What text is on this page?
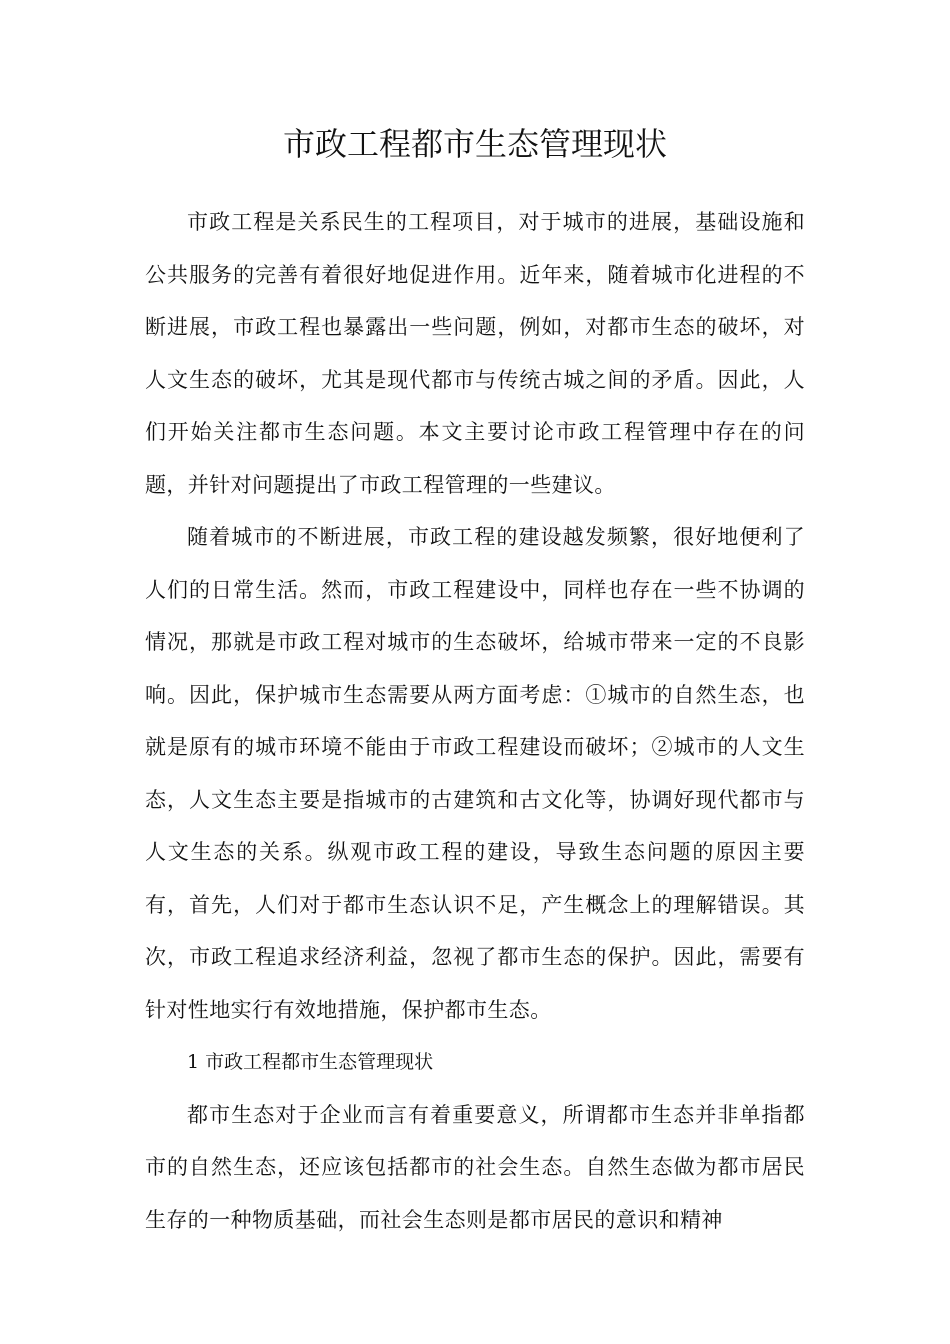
市政工程都市生态管理现状

市政工程是关系民生的工程项目，对于城市的进展，基础设施和公共服务的完善有着很好地促进作用。近年来，随着城市化进程的不断进展，市政工程也暴露出一些问题，例如，对都市生态的破坏，对人文生态的破坏，尤其是现代都市与传统古城之间的矛盾。因此，人们开始关注都市生态问题。本文主要讨论市政工程管理中存在的问题，并针对问题提出了市政工程管理的一些建议。

随着城市的不断进展，市政工程的建设越发频繁，很好地便利了人们的日常生活。然而，市政工程建设中，同样也存在一些不协调的情况，那就是市政工程对城市的生态破坏，给城市带来一定的不良影响。因此，保护城市生态需要从两方面考虑：①城市的自然生态，也就是原有的城市环境不能由于市政工程建设而破坏；②城市的人文生态，人文生态主要是指城市的古建筑和古文化等，协调好现代都市与人文生态的关系。纵观市政工程的建设，导致生态问题的原因主要有，首先，人们对于都市生态认识不足，产生概念上的理解错误。其次，市政工程追求经济利益，忽视了都市生态的保护。因此，需要有针对性地实行有效地措施，保护都市生态。

1 市政工程都市生态管理现状

都市生态对于企业而言有着重要意义，所谓都市生态并非单指都市的自然生态，还应该包括都市的社会生态。自然生态做为都市居民生存的一种物质基础，而社会生态则是都市居民的意识和精神
